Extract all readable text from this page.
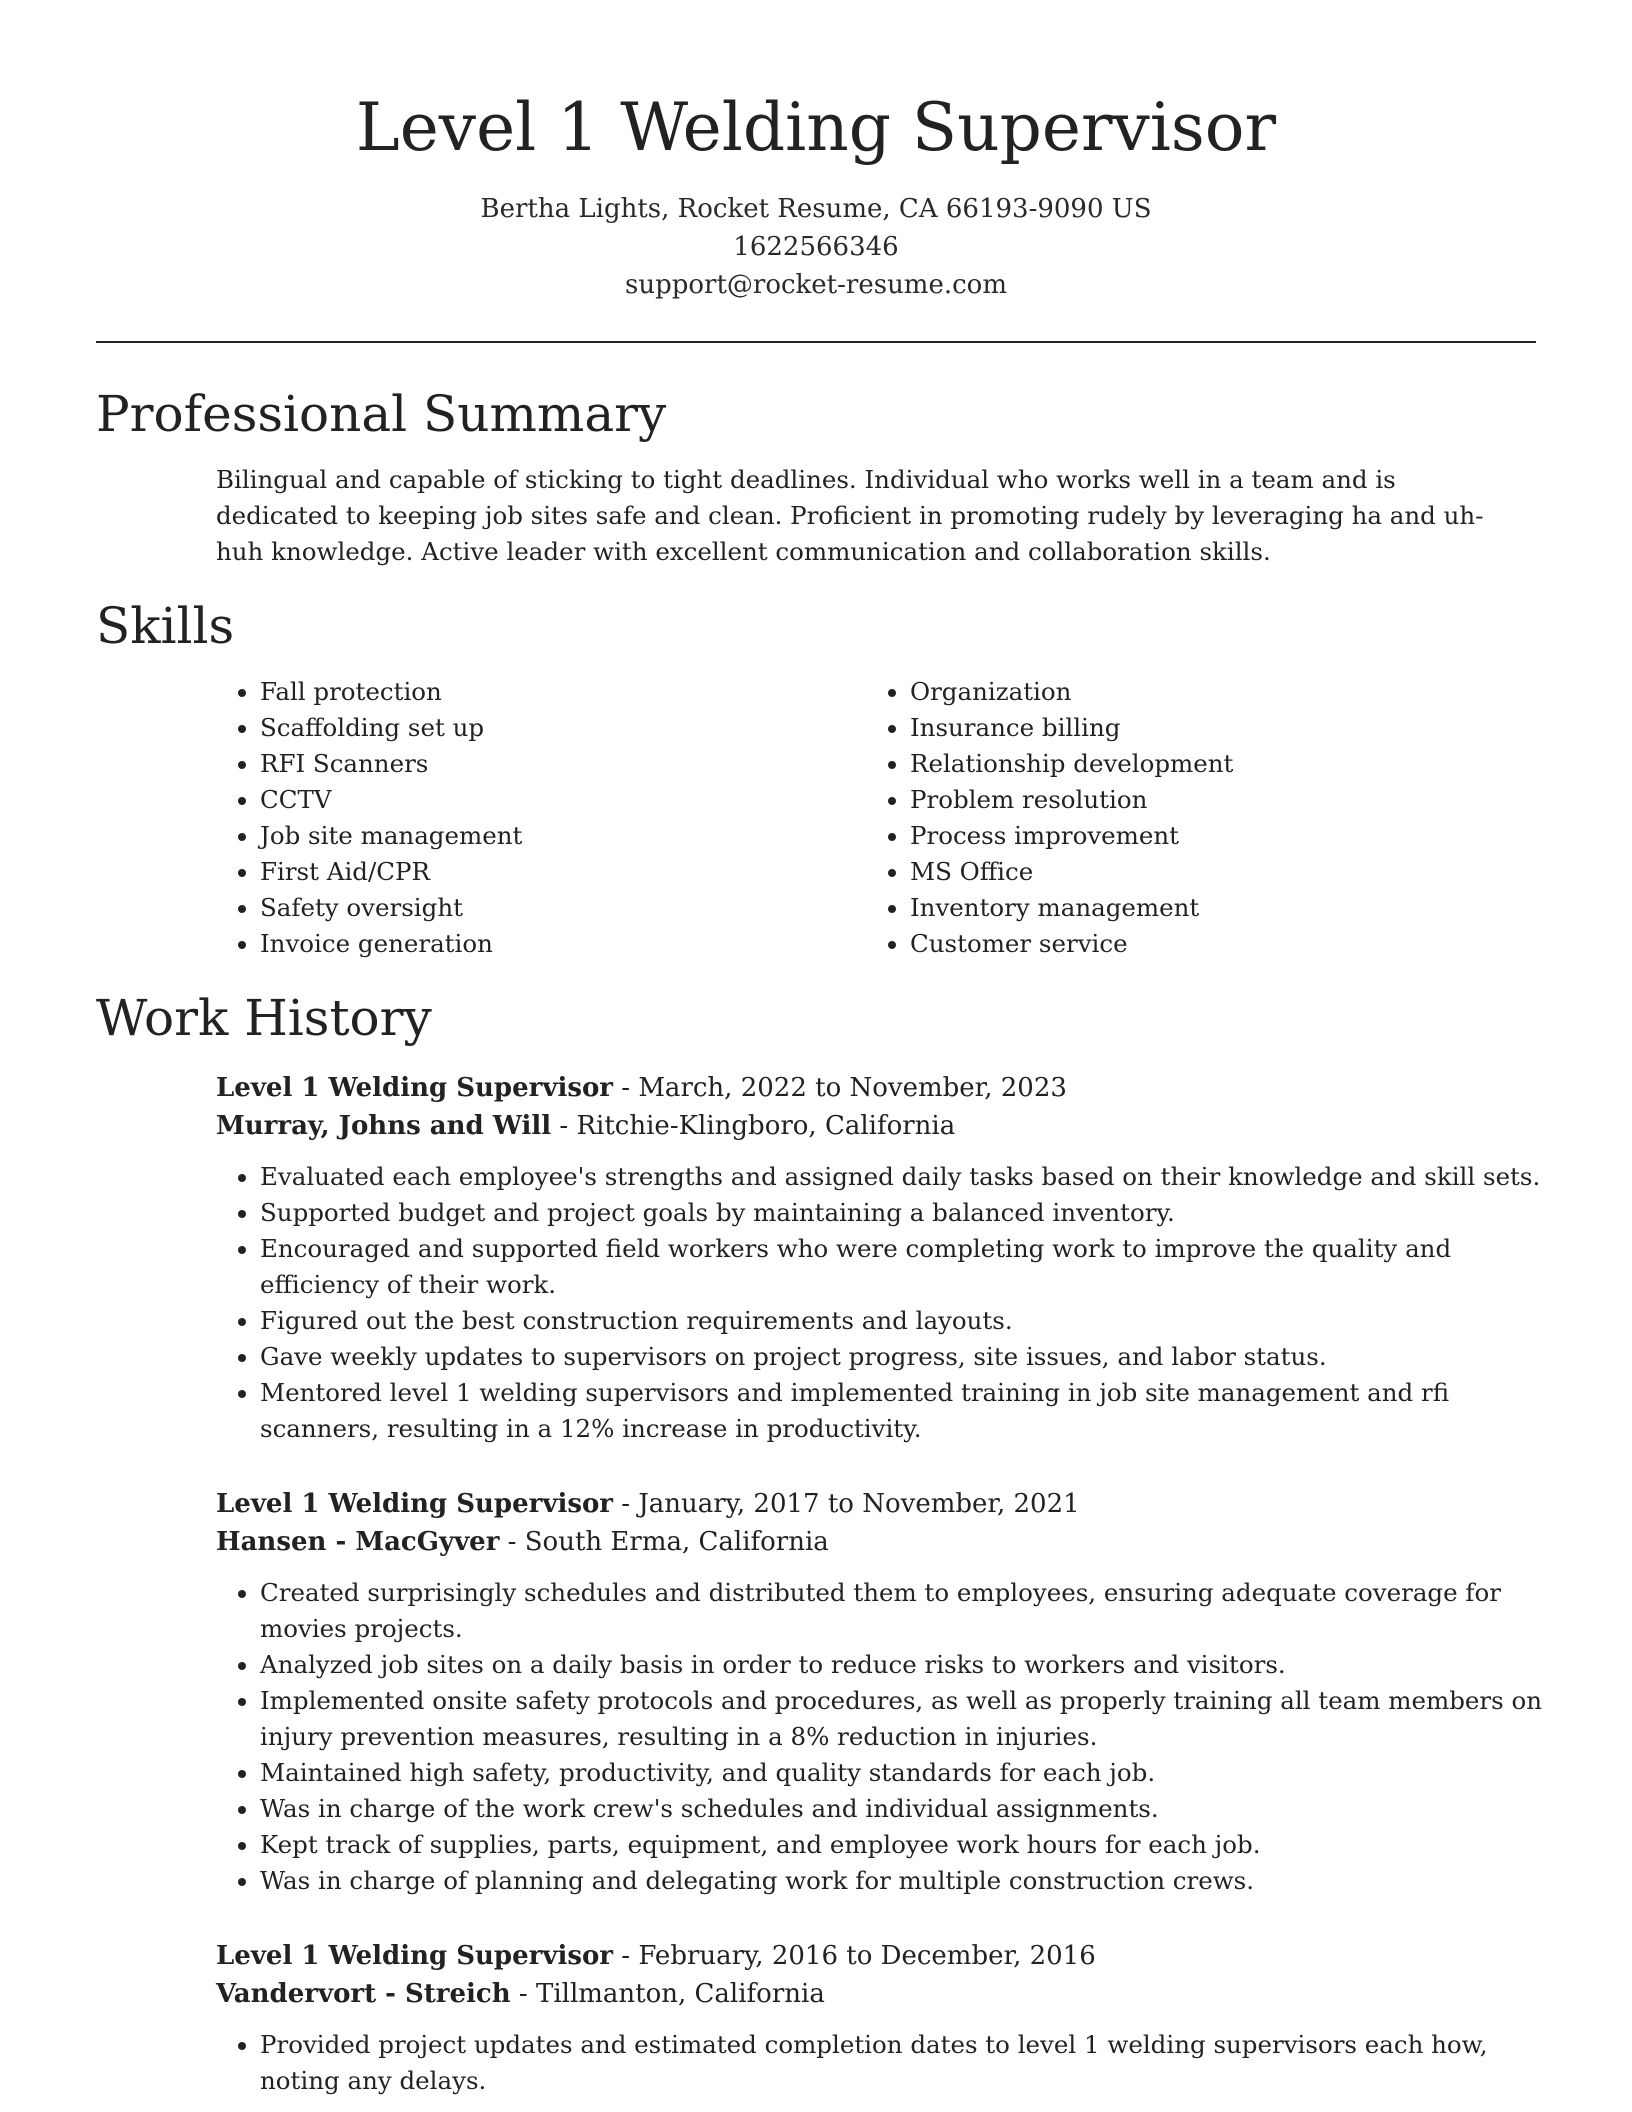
Level 1 Welding Supervisor
Bertha Lights, Rocket Resume, CA 66193-9090 US
1622566346
support@rocket-resume.com
Professional Summary

Bilingual and capable of sticking to tight deadlines. Individual who works well in a team and is dedicated to keeping job sites safe and clean. Proficient in promoting rudely by leveraging ha and uh-huh knowledge. Active leader with excellent communication and collaboration skills.

Skills
• Fall protection
• Scaffolding set up
• RFI Scanners
• CCTV
• Job site management
• First Aid/CPR
• Safety oversight
• Invoice generation
• Organization
• Insurance billing
• Relationship development
• Problem resolution
• Process improvement
• MS Office
• Inventory management
• Customer service
Work History

Level 1 Welding Supervisor - March, 2022 to November, 2023

Murray, Johns and Will - Ritchie-Klingboro, California

• Evaluated each employee's strengths and assigned daily tasks based on their knowledge and skill sets.
• Supported budget and project goals by maintaining a balanced inventory.
• Encouraged and supported field workers who were completing work to improve the quality and efficiency of their work.
• Figured out the best construction requirements and layouts.
• Gave weekly updates to supervisors on project progress, site issues, and labor status.
• Mentored level 1 welding supervisors and implemented training in job site management and rfi scanners, resulting in a 12% increase in productivity.

Level 1 Welding Supervisor - January, 2017 to November, 2021

Hansen - MacGyver - South Erma, California

• Created surprisingly schedules and distributed them to employees, ensuring adequate coverage for movies projects.
• Analyzed job sites on a daily basis in order to reduce risks to workers and visitors.
• Implemented onsite safety protocols and procedures, as well as properly training all team members on injury prevention measures, resulting in a 8% reduction in injuries.
• Maintained high safety, productivity, and quality standards for each job.
• Was in charge of the work crew's schedules and individual assignments.
• Kept track of supplies, parts, equipment, and employee work hours for each job.
• Was in charge of planning and delegating work for multiple construction crews.

Level 1 Welding Supervisor - February, 2016 to December, 2016

Vandervort - Streich - Tillmanton, California

• Provided project updates and estimated completion dates to level 1 welding supervisors each how, noting any delays.
